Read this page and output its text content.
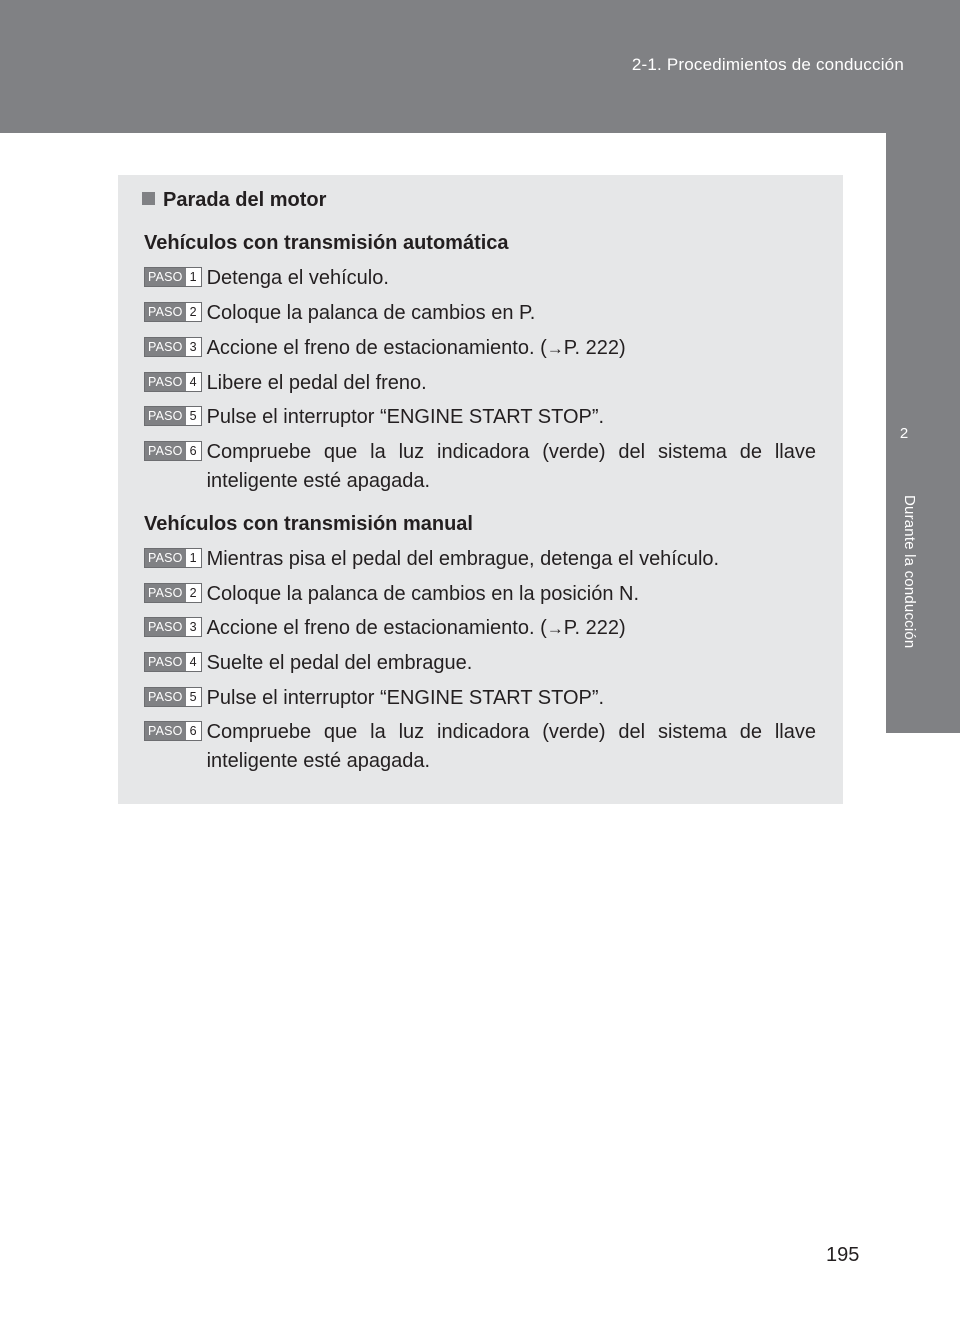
2-1. Procedimientos de conducción
2
Durante la conducción
Parada del motor
Vehículos con transmisión automática
PASO 1 Detenga el vehículo.
PASO 2 Coloque la palanca de cambios en P.
PASO 3 Accione el freno de estacionamiento. (→P. 222)
PASO 4 Libere el pedal del freno.
PASO 5 Pulse el interruptor “ENGINE START STOP”.
PASO 6 Compruebe que la luz indicadora (verde) del sistema de llave inteligente esté apagada.
Vehículos con transmisión manual
PASO 1 Mientras pisa el pedal del embrague, detenga el vehículo.
PASO 2 Coloque la palanca de cambios en la posición N.
PASO 3 Accione el freno de estacionamiento. (→P. 222)
PASO 4 Suelte el pedal del embrague.
PASO 5 Pulse el interruptor “ENGINE START STOP”.
PASO 6 Compruebe que la luz indicadora (verde) del sistema de llave inteligente esté apagada.
195
